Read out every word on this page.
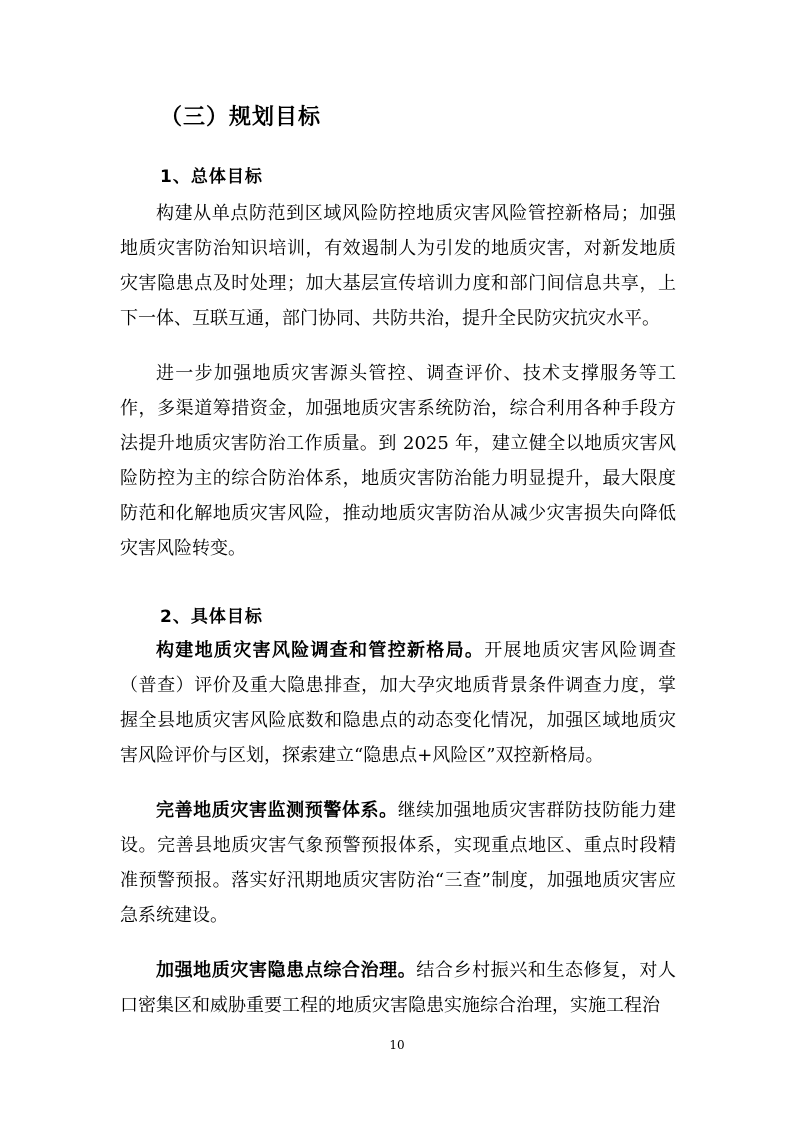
（三）规划目标
1、总体目标

构建从单点防范到区域风险防控地质灾害风险管控新格局；加强地质灾害防治知识培训，有效遏制人为引发的地质灾害，对新发地质灾害隐患点及时处理；加大基层宣传培训力度和部门间信息共享，上下一体、互联互通，部门协同、共防共治，提升全民防灾抗灾水平。

进一步加强地质灾害源头管控、调查评价、技术支撑服务等工作，多渠道筹措资金，加强地质灾害系统防治，综合利用各种手段方法提升地质灾害防治工作质量。到 2025 年，建立健全以地质灾害风险防控为主的综合防治体系，地质灾害防治能力明显提升，最大限度防范和化解地质灾害风险，推动地质灾害防治从减少灾害损失向降低灾害风险转变。

2、具体目标

构建地质灾害风险调查和管控新格局。开展地质灾害风险调查（普查）评价及重大隐患排查，加大孕灾地质背景条件调查力度，掌握全县地质灾害风险底数和隐患点的动态变化情况，加强区域地质灾害风险评价与区划，探索建立“隐患点+风险区”双控新格局。

完善地质灾害监测预警体系。继续加强地质灾害群防技防能力建设。完善县地质灾害气象预警预报体系，实现重点地区、重点时段精准预警预报。落实好汛期地质灾害防治“三查”制度，加强地质灾害应急系统建设。

加强地质灾害隐患点综合治理。结合乡村振兴和生态修复，对人口密集区和威胁重要工程的地质灾害隐患实施综合治理，实施工程治

10
